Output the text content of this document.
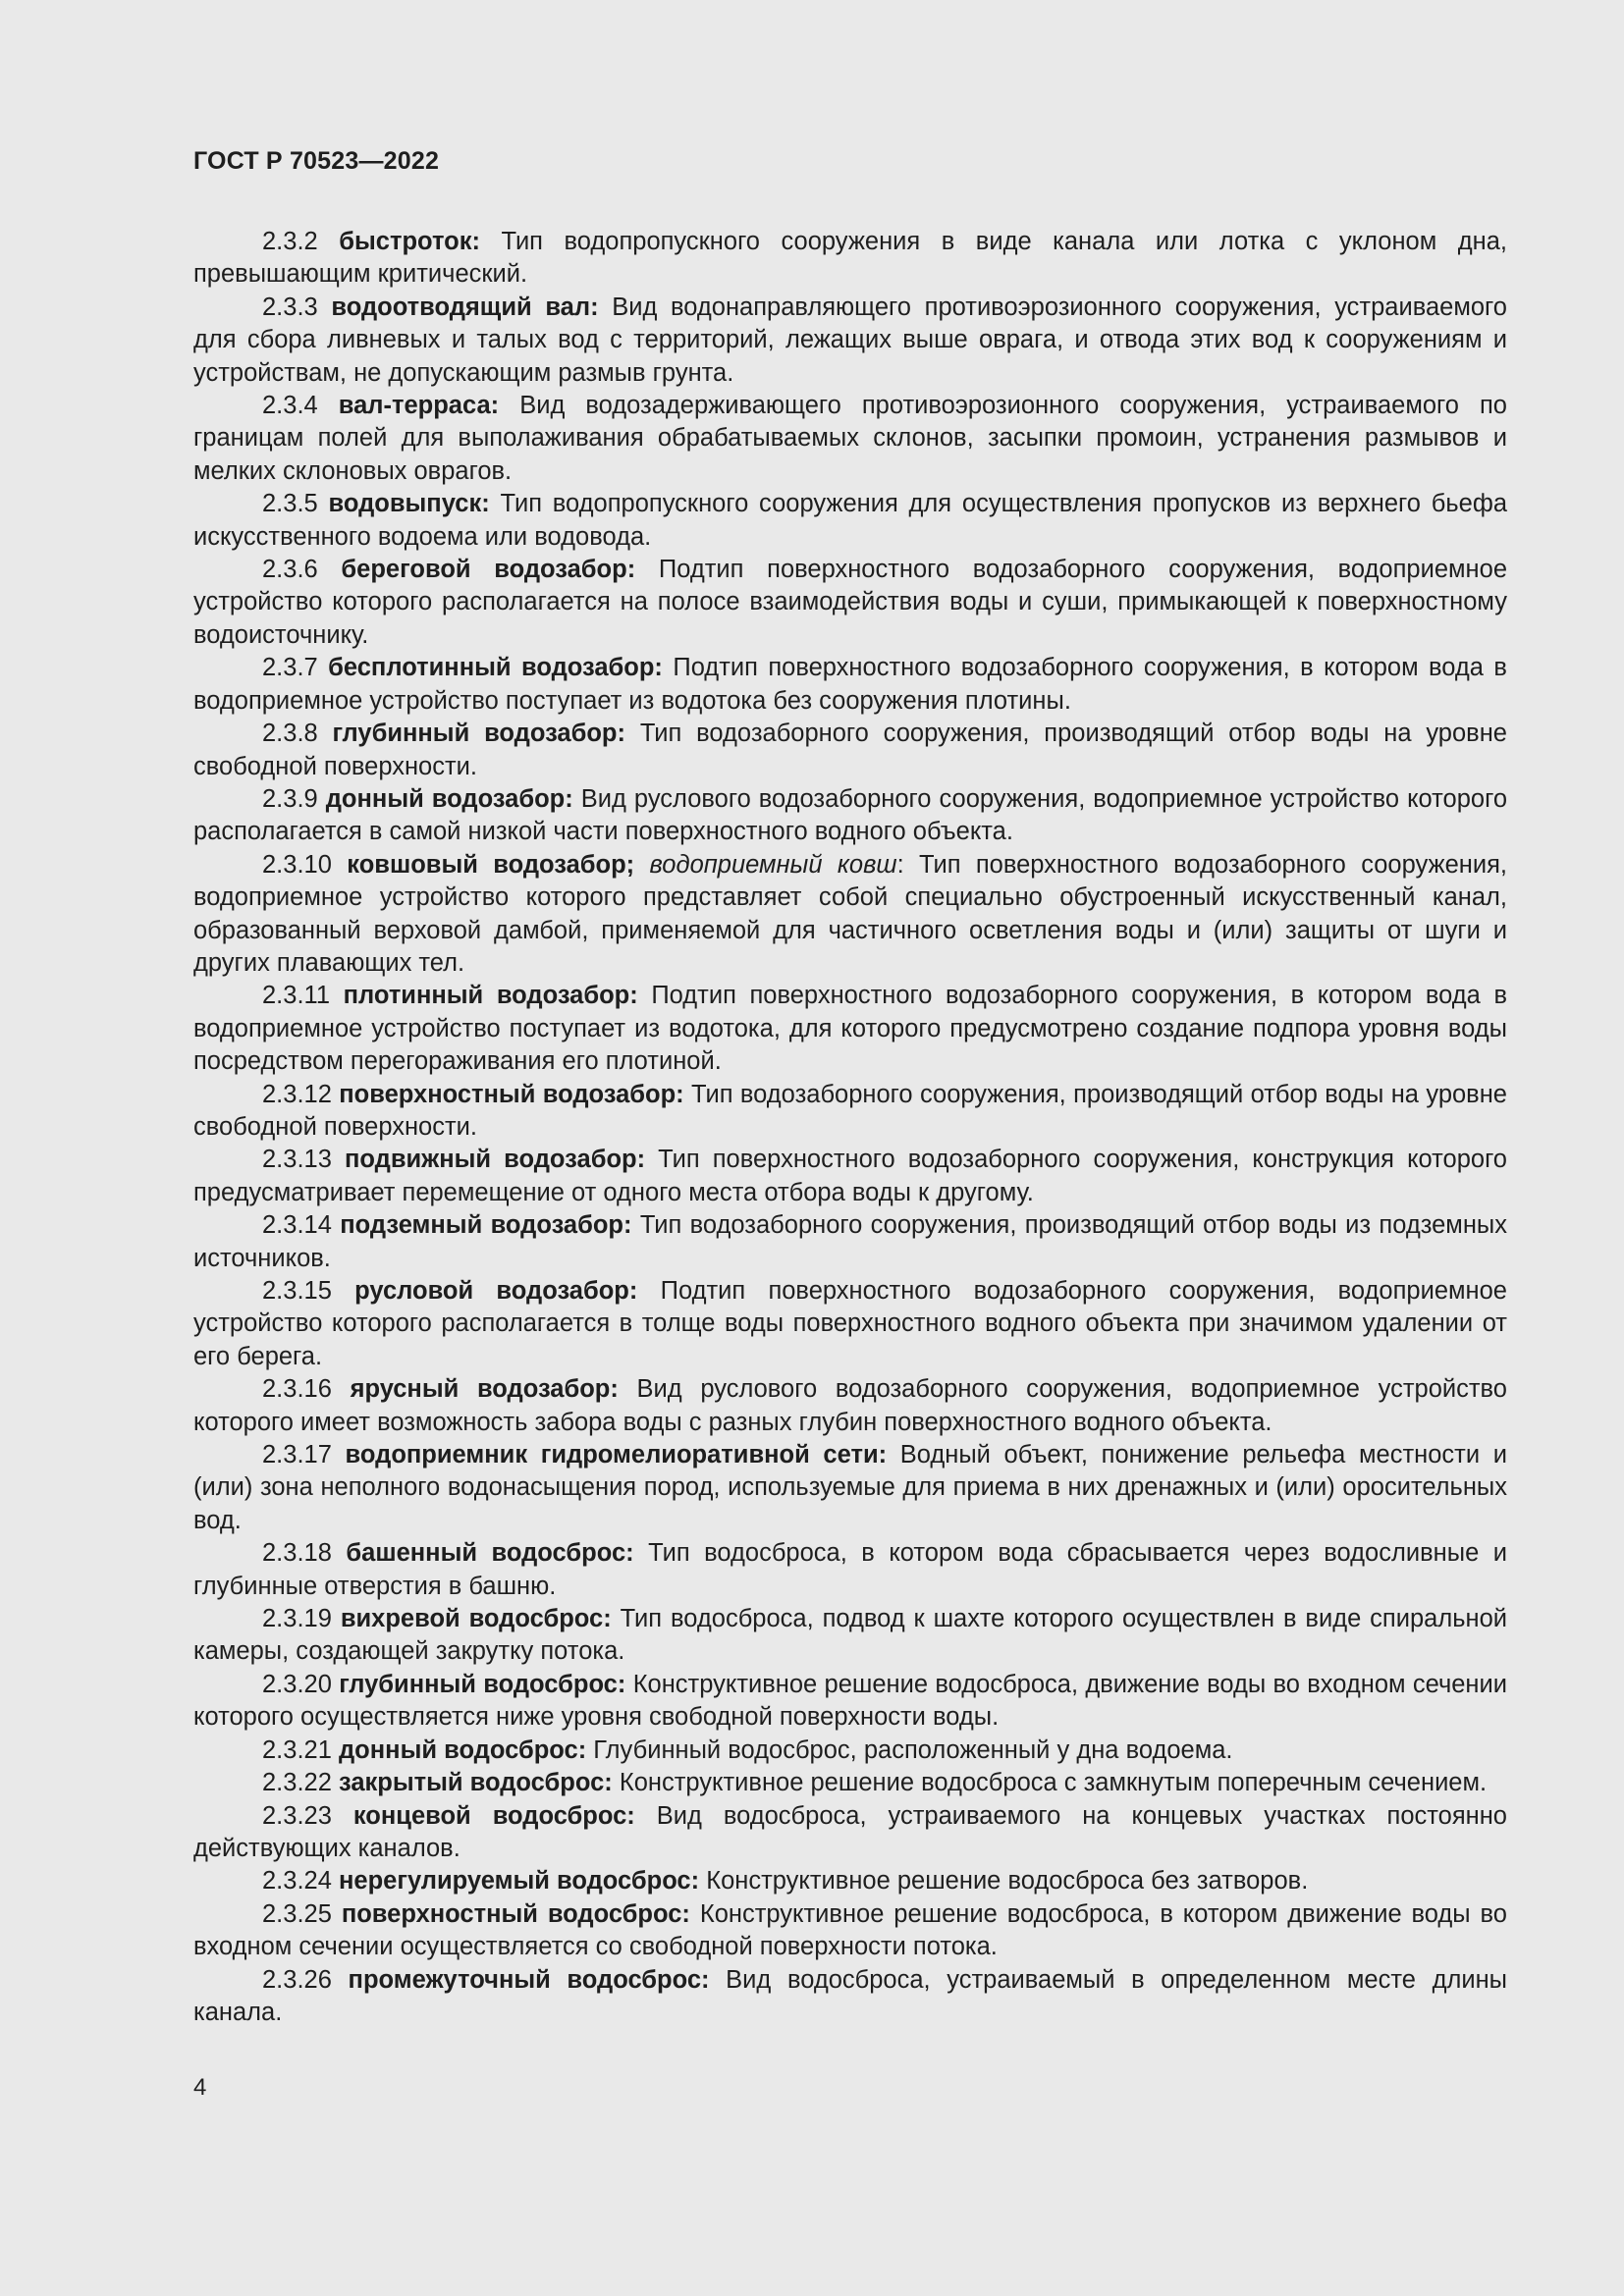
ГОСТ Р 70523—2022

2.3.2 быстроток: Тип водопропускного сооружения в виде канала или лотка с уклоном дна, превышающим критический.

2.3.3 водоотводящий вал: Вид водонаправляющего противоэрозионного сооружения, устраиваемого для сбора ливневых и талых вод с территорий, лежащих выше оврага, и отвода этих вод к сооружениям и устройствам, не допускающим размыв грунта.

2.3.4 вал-терраса: Вид водозадерживающего противоэрозионного сооружения, устраиваемого по границам полей для выполаживания обрабатываемых склонов, засыпки промоин, устранения размывов и мелких склоновых оврагов.

2.3.5 водовыпуск: Тип водопропускного сооружения для осуществления пропусков из верхнего бьефа искусственного водоема или водовода.

2.3.6 береговой водозабор: Подтип поверхностного водозаборного сооружения, водоприемное устройство которого располагается на полосе взаимодействия воды и суши, примыкающей к поверхностному водоисточнику.

2.3.7 бесплотинный водозабор: Подтип поверхностного водозаборного сооружения, в котором вода в водоприемное устройство поступает из водотока без сооружения плотины.

2.3.8 глубинный водозабор: Тип водозаборного сооружения, производящий отбор воды на уровне свободной поверхности.

2.3.9 донный водозабор: Вид руслового водозаборного сооружения, водоприемное устройство которого располагается в самой низкой части поверхностного водного объекта.

2.3.10 ковшовый водозабор; водоприемный ковш: Тип поверхностного водозаборного сооружения, водоприемное устройство которого представляет собой специально обустроенный искусственный канал, образованный верховой дамбой, применяемой для частичного осветления воды и (или) защиты от шуги и других плавающих тел.

2.3.11 плотинный водозабор: Подтип поверхностного водозаборного сооружения, в котором вода в водоприемное устройство поступает из водотока, для которого предусмотрено создание подпора уровня воды посредством перегораживания его плотиной.

2.3.12 поверхностный водозабор: Тип водозаборного сооружения, производящий отбор воды на уровне свободной поверхности.

2.3.13 подвижный водозабор: Тип поверхностного водозаборного сооружения, конструкция которого предусматривает перемещение от одного места отбора воды к другому.

2.3.14 подземный водозабор: Тип водозаборного сооружения, производящий отбор воды из подземных источников.

2.3.15 русловой водозабор: Подтип поверхностного водозаборного сооружения, водоприемное устройство которого располагается в толще воды поверхностного водного объекта при значимом удалении от его берега.

2.3.16 ярусный водозабор: Вид руслового водозаборного сооружения, водоприемное устройство которого имеет возможность забора воды с разных глубин поверхностного водного объекта.

2.3.17 водоприемник гидромелиоративной сети: Водный объект, понижение рельефа местности и (или) зона неполного водонасыщения пород, используемые для приема в них дренажных и (или) оросительных вод.

2.3.18 башенный водосброс: Тип водосброса, в котором вода сбрасывается через водосливные и глубинные отверстия в башню.

2.3.19 вихревой водосброс: Тип водосброса, подвод к шахте которого осуществлен в виде спиральной камеры, создающей закрутку потока.

2.3.20 глубинный водосброс: Конструктивное решение водосброса, движение воды во входном сечении которого осуществляется ниже уровня свободной поверхности воды.

2.3.21 донный водосброс: Глубинный водосброс, расположенный у дна водоема.

2.3.22 закрытый водосброс: Конструктивное решение водосброса с замкнутым поперечным сечением.

2.3.23 концевой водосброс: Вид водосброса, устраиваемого на концевых участках постоянно действующих каналов.

2.3.24 нерегулируемый водосброс: Конструктивное решение водосброса без затворов.

2.3.25 поверхностный водосброс: Конструктивное решение водосброса, в котором движение воды во входном сечении осуществляется со свободной поверхности потока.

2.3.26 промежуточный водосброс: Вид водосброса, устраиваемый в определенном месте длины канала.

4
